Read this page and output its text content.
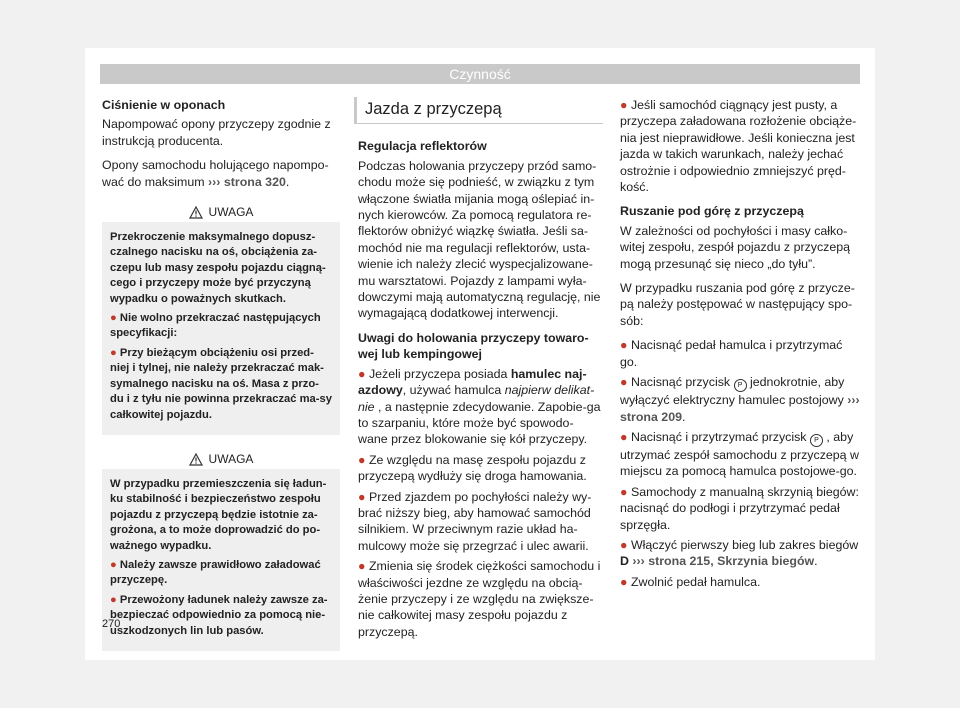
Czynność

Ciśnienie w oponach

Napompować opony przyczepy zgodnie z instrukcją producenta.

Opony samochodu holującego napompo-wać do maksimum ››› strona 320.

UWAGA

Przekroczenie maksymalnego dopusz-czalnego nacisku na oś, obciążenia za-czepu lub masy zespołu pojazdu ciągną-cego i przyczepy może być przyczyną wypadku o poważnych skutkach.

● Nie wolno przekraczać następujących specyfikacji:

● Przy bieżącym obciążeniu osi przed-niej i tylnej, nie należy przekraczać mak-symalnego nacisku na oś. Masa z przo-du i z tyłu nie powinna przekraczać ma-sy całkowitej pojazdu.

UWAGA

W przypadku przemieszczenia się ładun-ku stabilność i bezpieczeństwo zespołu pojazdu z przyczepą będzie istotnie za-grożona, a to może doprowadzić do po-ważnego wypadku.

● Należy zawsze prawidłowo załadować przyczepę.

● Przewożony ładunek należy zawsze za-bezpieczać odpowiednio za pomocą nie-uszkodzonych lin lub pasów.

Jazda z przyczepą

Regulacja reflektorów

Podczas holowania przyczepy przód samo-chodu może się podnieść, w związku z tym włączone światła mijania mogą oślepiać in-nych kierowców. Za pomocą regulatora re-flektorów obniżyć wiązkę światła. Jeśli sa-mochód nie ma regulacji reflektorów, usta-wienie ich należy zlecić wyspecjalizowane-mu warsztatowi. Pojazdy z lampami wyła-dowczymi mają automatyczną regulację, nie wymagającą dodatkowej interwencji.

Uwagi do holowania przyczepy towaro-wej lub kempingowej

● Jeżeli przyczepa posiada hamulec naj-azdowy, używać hamulca najpierw delikat-nie , a następnie zdecydowanie. Zapobie-ga to szarpaniu, które może być spowodo-wane przez blokowanie się kół przyczepy.

● Ze względu na masę zespołu pojazdu z przyczepą wydłuży się droga hamowania.

● Przed zjazdem po pochyłości należy wy-brać niższy bieg, aby hamować samochód silnikiem. W przeciwnym razie układ ha-mulcowy może się przegrzać i ulec awarii.

● Zmienia się środek ciężkości samochodu i właściwości jezdne ze względu na obcią-żenie przyczepy i ze względu na zwiększe-nie całkowitej masy zespołu pojazdu z przyczepą.

● Jeśli samochód ciągnący jest pusty, a przyczepa załadowana rozłożenie obciąże-nia jest nieprawidłowe. Jeśli konieczna jest jazda w takich warunkach, należy jechać ostrożnie i odpowiednio zmniejszyć pręd-kość.

Ruszanie pod górę z przyczepą

W zależności od pochyłości i masy całko-witej zespołu, zespół pojazdu z przyczepą mogą przesunąć się nieco „do tyłu”.

W przypadku ruszania pod górę z przycze-pą należy postępować w następujący spo-sób:

● Nacisnąć pedał hamulca i przytrzymać go.

● Nacisnąć przycisk P jednokrotnie, aby wyłączyć elektryczny hamulec postojowy ››› strona 209.

● Nacisnąć i przytrzymać przycisk P , aby utrzymać zespół samochodu z przyczepą w miejscu za pomocą hamulca postojowe-go.

● Samochody z manualną skrzynią biegów: nacisnąć do podłogi i przytrzymać pedał sprzęgła.

● Włączyć pierwszy bieg lub zakres biegów D ››› strona 215, Skrzynia biegów.

● Zwolnić pedał hamulca.

270
